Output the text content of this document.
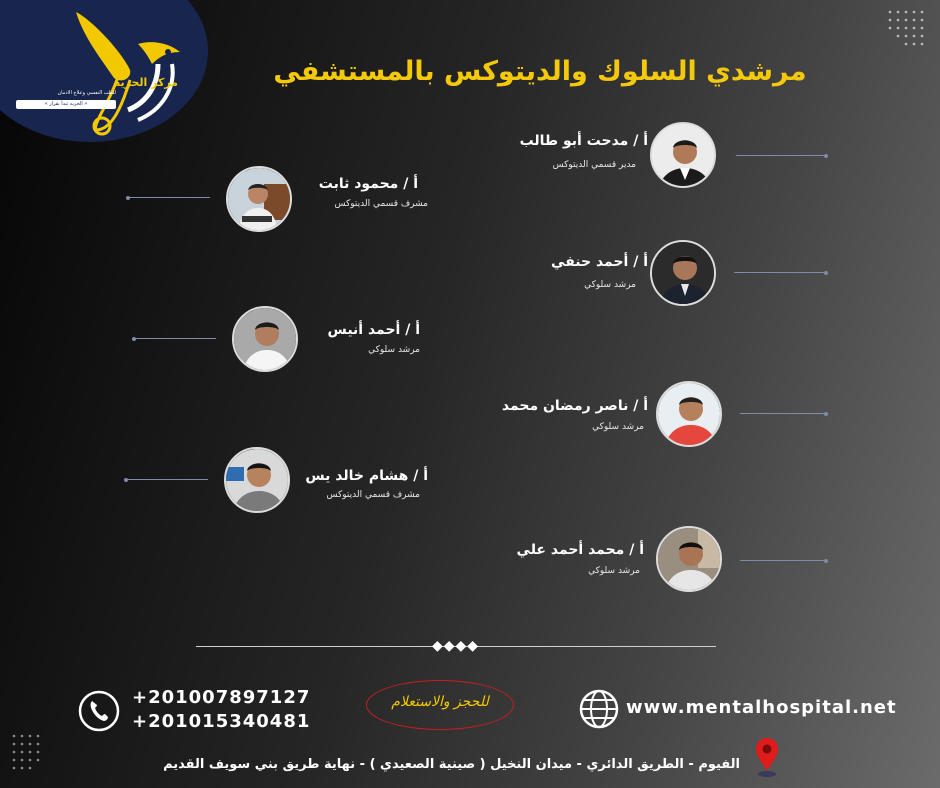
مركز الحريه
للطب النفسي وعلاج الادمان
« الحريه تبدأ بقرار »
مرشدي السلوك والديتوكس بالمستشفي
أ / مدحت أبو طالب
مدير قسمي الديتوكس
أ / محمود ثابت
مشرف قسمي الديتوكس
أ / أحمد حنفي
مرشد سلوكي
أ / أحمد أنيس
مرشد سلوكي
أ / ناصر رمضان محمد
مرشد سلوكي
أ / هشام خالد يس
مشرف قسمي الديتوكس
أ / محمد أحمد علي
مرشد سلوكي
◆◆◆◆
+201007897127
+201015340481
للحجز والاستعلام	www.mentalhospital.net
الفيوم - الطريق الدائري - ميدان النخيل ( صينية الصعيدي ) - نهاية طريق بني سويف القديم
